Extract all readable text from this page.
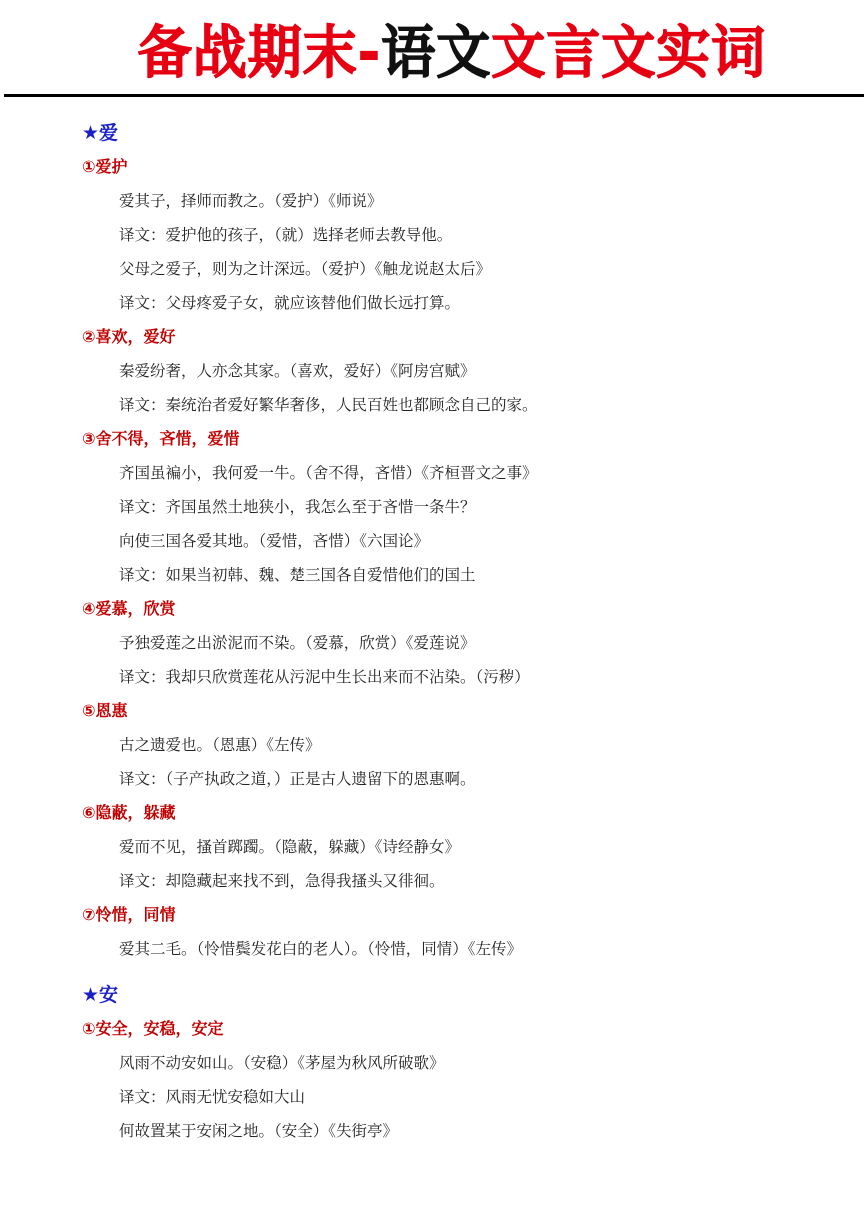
备战期末-语文文言文实词
★爱
①爱护
爱其子，择师而教之。（爱护）《师说》
译文：爱护他的孩子，（就）选择老师去教导他。
父母之爱子，则为之计深远。（爱护）《触龙说赵太后》
译文：父母疼爱子女，就应该替他们做长远打算。
②喜欢，爱好
秦爱纷奢，人亦念其家。（喜欢，爱好）《阿房宫赋》
译文：秦统治者爱好繁华奢侈，人民百姓也都顾念自己的家。
③舍不得，吝惜，爱惜
齐国虽褊小，我何爱一牛。（舍不得，吝惜）《齐桓晋文之事》
译文：齐国虽然土地狭小，我怎么至于吝惜一条牛？
向使三国各爱其地。（爱惜，吝惜）《六国论》
译文：如果当初韩、魏、楚三国各自爱惜他们的国土
④爱慕，欣赏
予独爱莲之出淤泥而不染。（爱慕，欣赏）《爱莲说》
译文：我却只欣赏莲花从污泥中生长出来而不沾染。（污秽）
⑤恩惠
古之遗爱也。（恩惠）《左传》
译文：（子产执政之道，）正是古人遗留下的恩惠啊。
⑥隐蔽，躲藏
爱而不见，搔首踯躅。（隐蔽，躲藏）《诗经静女》
译文：却隐藏起来找不到，急得我搔头又徘徊。
⑦怜惜，同情
爱其二毛。（怜惜鬓发花白的老人）。（怜惜，同情）《左传》
★安
①安全，安稳，安定
风雨不动安如山。（安稳）《茅屋为秋风所破歌》
译文：风雨无忧安稳如大山
何故置某于安闲之地。（安全）《失街亭》
